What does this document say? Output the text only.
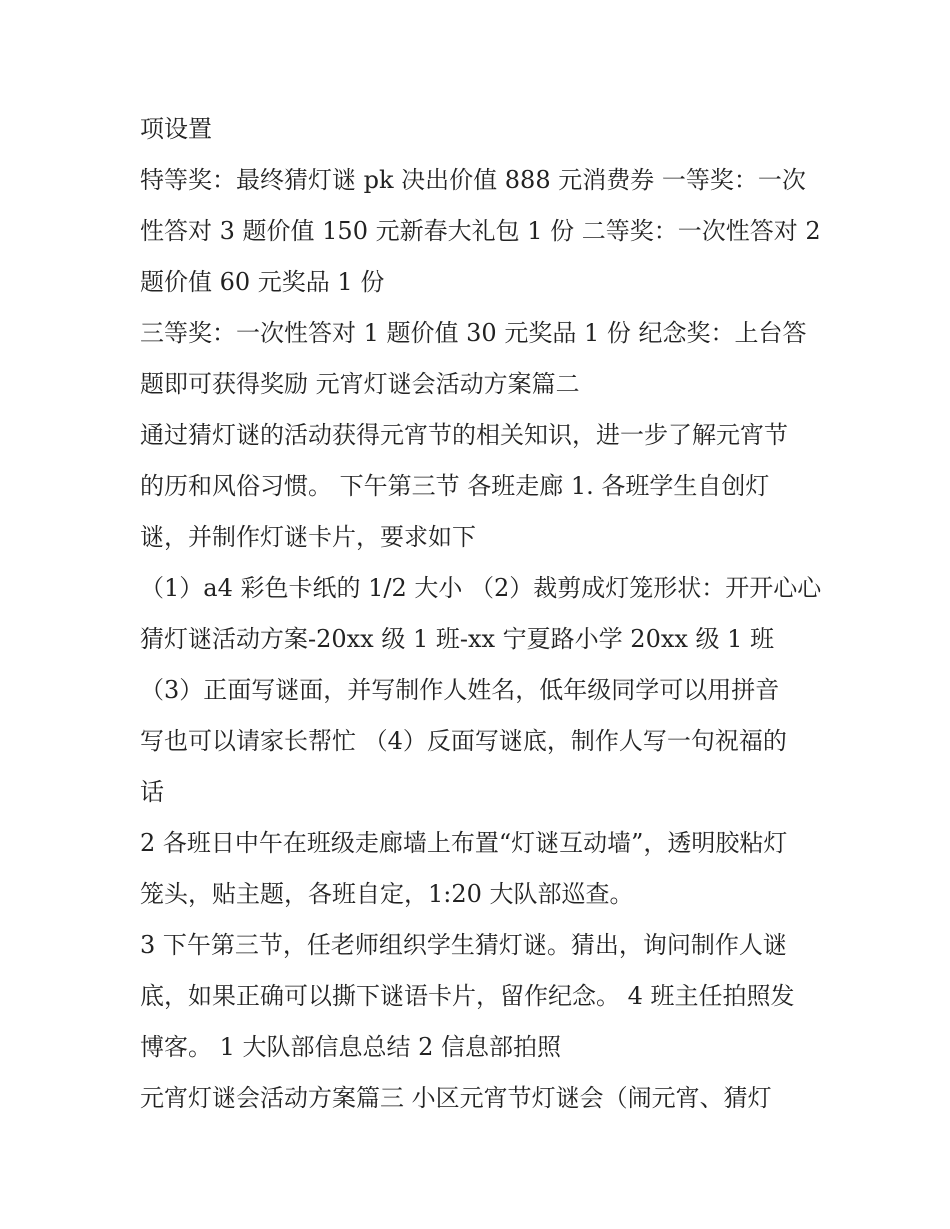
项设置
特等奖：最终猜灯谜 pk 决出价值 888 元消费券 一等奖：一次
性答对 3 题价值 150 元新春大礼包 1 份 二等奖：一次性答对 2
题价值 60 元奖品 1 份
三等奖：一次性答对 1 题价值 30 元奖品 1 份 纪念奖：上台答
题即可获得奖励 元宵灯谜会活动方案篇二
通过猜灯谜的活动获得元宵节的相关知识，进一步了解元宵节
的历和风俗习惯。 下午第三节 各班走廊 1. 各班学生自创灯
谜，并制作灯谜卡片，要求如下
（1）a4 彩色卡纸的 1/2 大小 （2）裁剪成灯笼形状：开开心心
猜灯谜活动方案-20xx 级 1 班-xx 宁夏路小学 20xx 级 1 班
（3）正面写谜面，并写制作人姓名，低年级同学可以用拼音
写也可以请家长帮忙 （4）反面写谜底，制作人写一句祝福的
话
2 各班日中午在班级走廊墙上布置“灯谜互动墙”，透明胶粘灯
笼头，贴主题，各班自定，1:20 大队部巡查。
3 下午第三节，任老师组织学生猜灯谜。猜出，询问制作人谜
底，如果正确可以撕下谜语卡片，留作纪念。 4 班主任拍照发
博客。 1 大队部信息总结 2 信息部拍照
元宵灯谜会活动方案篇三 小区元宵节灯谜会（闹元宵、猜灯
